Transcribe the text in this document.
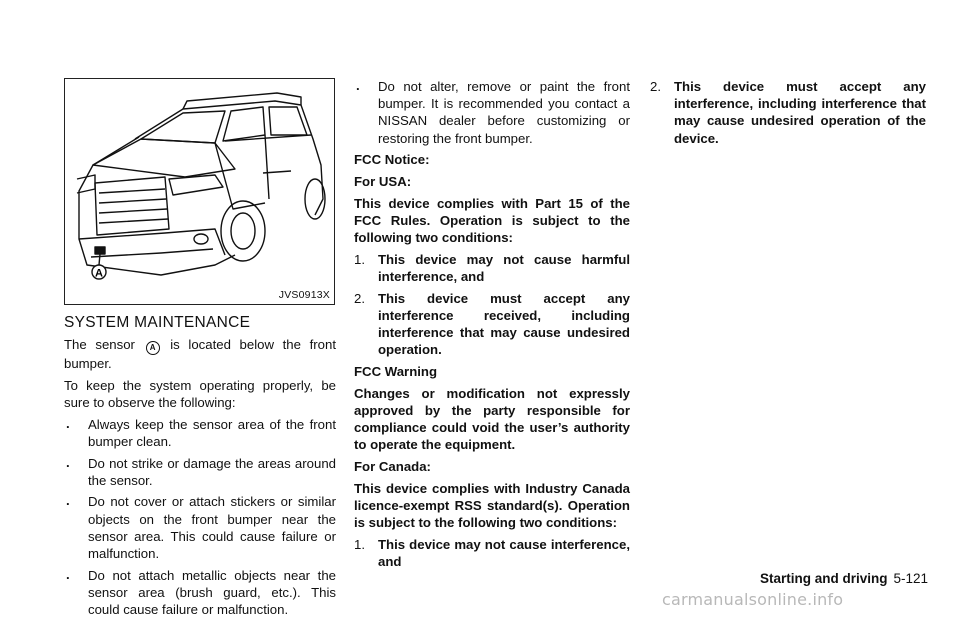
A
JVS0913X
SYSTEM MAINTENANCE

The sensor A is located below the front bumper.

To keep the system operating properly, be sure to observe the following:

. Always keep the sensor area of the front bumper clean.

. Do not strike or damage the areas around the sensor.

. Do not cover or attach stickers or similar objects on the front bumper near the sensor area. This could cause failure or malfunction.

. Do not attach metallic objects near the sensor area (brush guard, etc.). This could cause failure or malfunction.

. Do not alter, remove or paint the front bumper. It is recommended you contact a NISSAN dealer before customizing or restoring the front bumper.

FCC Notice:

For USA:

This device complies with Part 15 of the FCC Rules. Operation is subject to the following two conditions:

1. This device may not cause harmful interference, and

2. This device must accept any interference received, including interference that may cause undesired operation.

FCC Warning

Changes or modification not expressly approved by the party responsible for compliance could void the user’s authority to operate the equipment.

For Canada:

This device complies with Industry Canada licence-exempt RSS standard(s). Operation is subject to the following two conditions:

1. This device may not cause interference, and

2. This device must accept any interference, including interference that may cause undesired operation of the device.

Starting and driving 5-121
carmanualsonline.info
